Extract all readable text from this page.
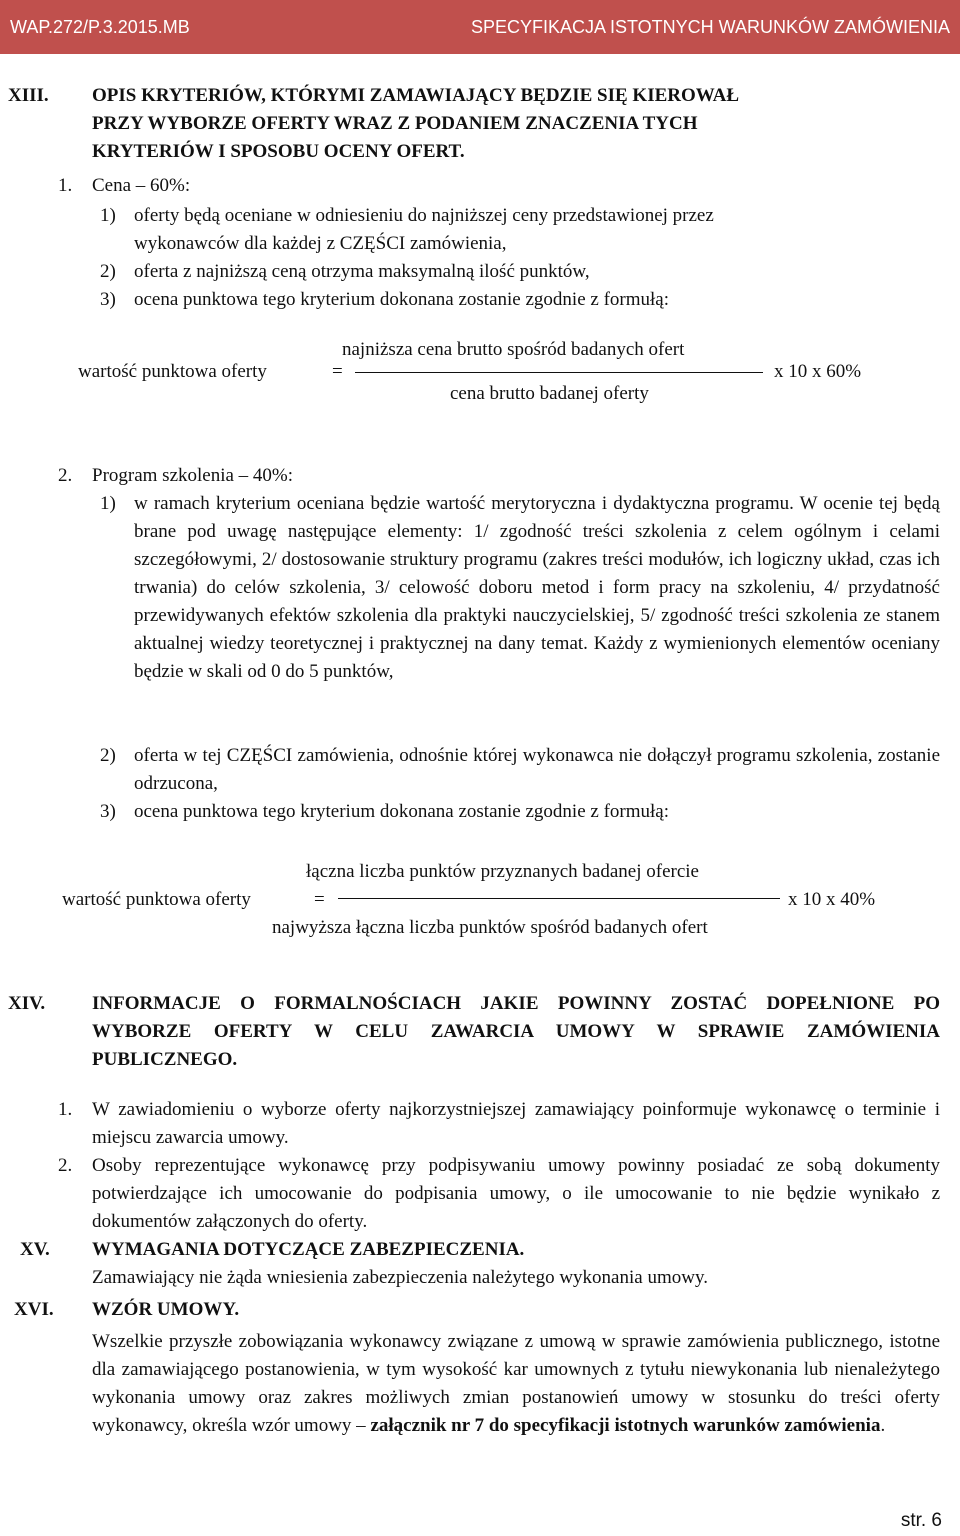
WAP.272/P.3.2015.MB	SPECYFIKACJA ISTOTNYCH WARUNKÓW ZAMÓWIENIA
XIII. OPIS KRYTERIÓW, KTÓRYMI ZAMAWIAJĄCY BĘDZIE SIĘ KIEROWAŁ
PRZY WYBORZE OFERTY WRAZ Z PODANIEM ZNACZENIA TYCH
KRYTERIÓW I SPOSOBU OCENY OFERT.
1. Cena – 60%:
1) oferty będą oceniane w odniesieniu do najniższej ceny przedstawionej przez
wykonawców dla każdej z CZĘŚCI zamówienia,
2) oferta z najniższą ceną otrzyma maksymalną ilość punktów,
3) ocena punktowa tego kryterium dokonana zostanie zgodnie z formułą:
najniższa cena brutto spośród badanych ofert
wartość punktowa oferty	=	x 10 x 60%
cena brutto badanej oferty
2. Program szkolenia – 40%:
1) w ramach kryterium oceniana będzie wartość merytoryczna i dydaktyczna programu. W ocenie tej będą brane pod uwagę następujące elementy: 1/ zgodność treści szkolenia z celem ogólnym i celami szczegółowymi, 2/ dostosowanie struktury programu (zakres treści modułów, ich logiczny układ, czas ich trwania) do celów szkolenia, 3/ celowość doboru metod i form pracy na szkoleniu, 4/ przydatność przewidywanych efektów szkolenia dla praktyki nauczycielskiej, 5/ zgodność treści szkolenia ze stanem aktualnej wiedzy teoretycznej i praktycznej na dany temat. Każdy z wymienionych elementów oceniany będzie w skali od 0 do 5 punktów,
2) oferta w tej CZĘŚCI zamówienia, odnośnie której wykonawca nie dołączył programu szkolenia, zostanie odrzucona,
3) ocena punktowa tego kryterium dokonana zostanie zgodnie z formułą:
łączna liczba punktów przyznanych badanej ofercie
wartość punktowa oferty	=	x 10 x 40%
najwyższa łączna liczba punktów spośród badanych ofert
XIV. INFORMACJE O FORMALNOŚCIACH JAKIE POWINNY ZOSTAĆ DOPEŁNIONE PO WYBORZE OFERTY W CELU ZAWARCIA UMOWY W SPRAWIE ZAMÓWIENIA PUBLICZNEGO.
1. W zawiadomieniu o wyborze oferty najkorzystniejszej zamawiający poinformuje wykonawcę o terminie i miejscu zawarcia umowy.
2. Osoby reprezentujące wykonawcę przy podpisywaniu umowy powinny posiadać ze sobą dokumenty potwierdzające ich umocowanie do podpisania umowy, o ile umocowanie to nie będzie wynikało z dokumentów załączonych do oferty.
XV. WYMAGANIA DOTYCZĄCE ZABEZPIECZENIA.
Zamawiający nie żąda wniesienia zabezpieczenia należytego wykonania umowy.
XVI. WZÓR UMOWY.
Wszelkie przyszłe zobowiązania wykonawcy związane z umową w sprawie zamówienia publicznego, istotne dla zamawiającego postanowienia, w tym wysokość kar umownych z tytułu niewykonania lub nienależytego wykonania umowy oraz zakres możliwych zmian postanowień umowy w stosunku do treści oferty wykonawcy, określa wzór umowy – załącznik nr 7 do specyfikacji istotnych warunków zamówienia.
str. 6
